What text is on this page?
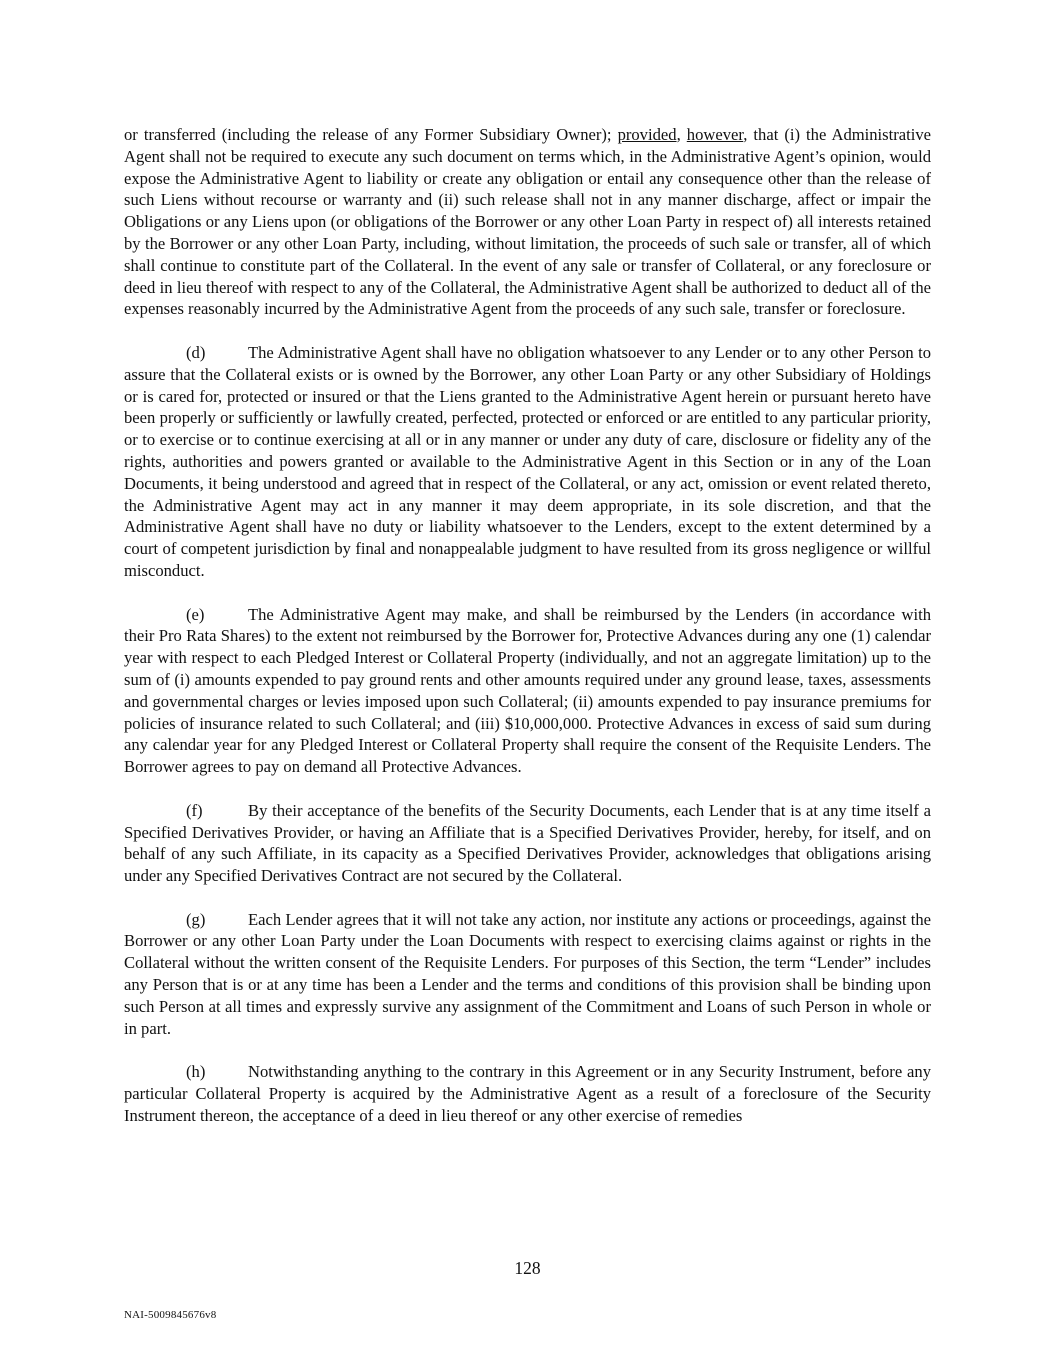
or transferred (including the release of any Former Subsidiary Owner); provided, however, that (i) the Administrative Agent shall not be required to execute any such document on terms which, in the Administrative Agent’s opinion, would expose the Administrative Agent to liability or create any obligation or entail any consequence other than the release of such Liens without recourse or warranty and (ii) such release shall not in any manner discharge, affect or impair the Obligations or any Liens upon (or obligations of the Borrower or any other Loan Party in respect of) all interests retained by the Borrower or any other Loan Party, including, without limitation, the proceeds of such sale or transfer, all of which shall continue to constitute part of the Collateral. In the event of any sale or transfer of Collateral, or any foreclosure or deed in lieu thereof with respect to any of the Collateral, the Administrative Agent shall be authorized to deduct all of the expenses reasonably incurred by the Administrative Agent from the proceeds of any such sale, transfer or foreclosure.

(d)	The Administrative Agent shall have no obligation whatsoever to any Lender or to any other Person to assure that the Collateral exists or is owned by the Borrower, any other Loan Party or any other Subsidiary of Holdings or is cared for, protected or insured or that the Liens granted to the Administrative Agent herein or pursuant hereto have been properly or sufficiently or lawfully created, perfected, protected or enforced or are entitled to any particular priority, or to exercise or to continue exercising at all or in any manner or under any duty of care, disclosure or fidelity any of the rights, authorities and powers granted or available to the Administrative Agent in this Section or in any of the Loan Documents, it being understood and agreed that in respect of the Collateral, or any act, omission or event related thereto, the Administrative Agent may act in any manner it may deem appropriate, in its sole discretion, and that the Administrative Agent shall have no duty or liability whatsoever to the Lenders, except to the extent determined by a court of competent jurisdiction by final and nonappealable judgment to have resulted from its gross negligence or willful misconduct.

(e)	The Administrative Agent may make, and shall be reimbursed by the Lenders (in accordance with their Pro Rata Shares) to the extent not reimbursed by the Borrower for, Protective Advances during any one (1) calendar year with respect to each Pledged Interest or Collateral Property (individually, and not an aggregate limitation) up to the sum of (i) amounts expended to pay ground rents and other amounts required under any ground lease, taxes, assessments and governmental charges or levies imposed upon such Collateral; (ii) amounts expended to pay insurance premiums for policies of insurance related to such Collateral; and (iii) $10,000,000. Protective Advances in excess of said sum during any calendar year for any Pledged Interest or Collateral Property shall require the consent of the Requisite Lenders. The Borrower agrees to pay on demand all Protective Advances.

(f)	By their acceptance of the benefits of the Security Documents, each Lender that is at any time itself a Specified Derivatives Provider, or having an Affiliate that is a Specified Derivatives Provider, hereby, for itself, and on behalf of any such Affiliate, in its capacity as a Specified Derivatives Provider, acknowledges that obligations arising under any Specified Derivatives Contract are not secured by the Collateral.

(g)	Each Lender agrees that it will not take any action, nor institute any actions or proceedings, against the Borrower or any other Loan Party under the Loan Documents with respect to exercising claims against or rights in the Collateral without the written consent of the Requisite Lenders. For purposes of this Section, the term “Lender” includes any Person that is or at any time has been a Lender and the terms and conditions of this provision shall be binding upon such Person at all times and expressly survive any assignment of the Commitment and Loans of such Person in whole or in part.

(h)	Notwithstanding anything to the contrary in this Agreement or in any Security Instrument, before any particular Collateral Property is acquired by the Administrative Agent as a result of a foreclosure of the Security Instrument thereon, the acceptance of a deed in lieu thereof or any other exercise of remedies

128
NAI-5009845676v8
